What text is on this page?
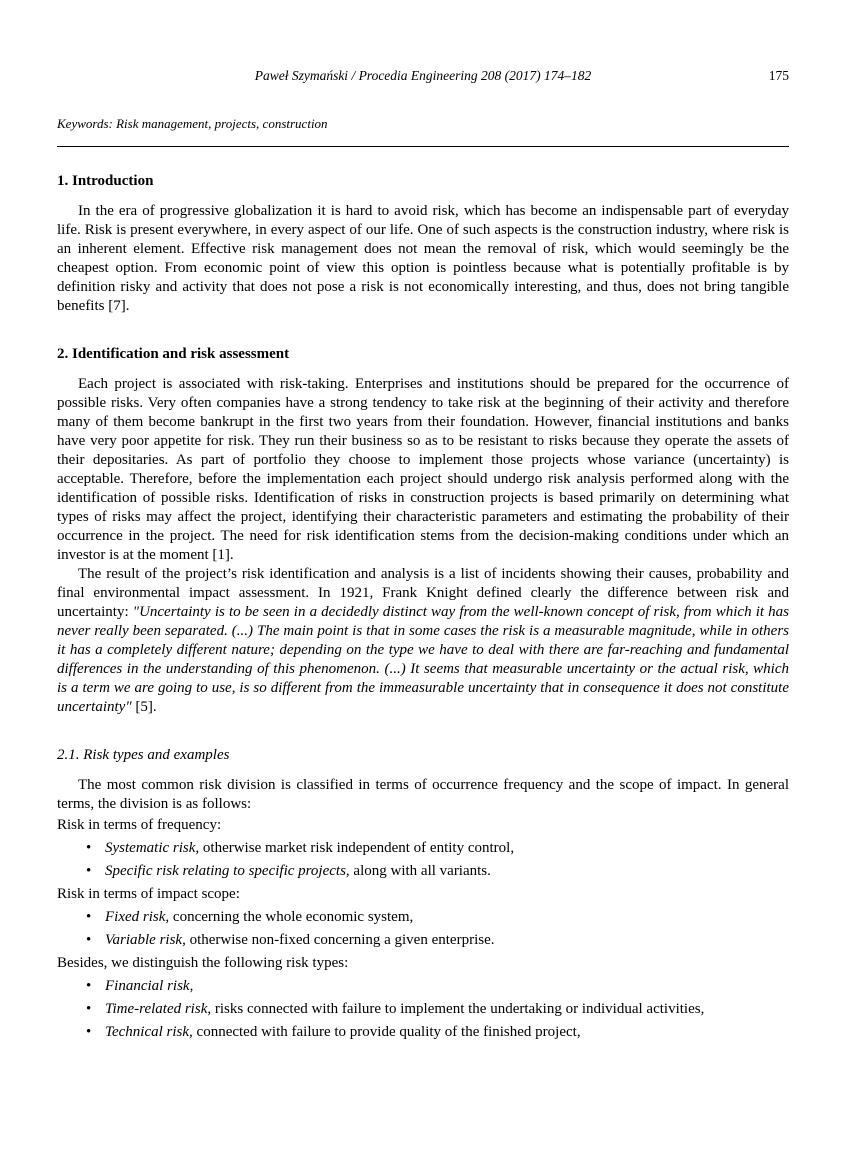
Paweł Szymański / Procedia Engineering 208 (2017) 174–182	175
Keywords: Risk management, projects, construction
1. Introduction

In the era of progressive globalization it is hard to avoid risk, which has become an indispensable part of everyday life. Risk is present everywhere, in every aspect of our life. One of such aspects is the construction industry, where risk is an inherent element. Effective risk management does not mean the removal of risk, which would seemingly be the cheapest option. From economic point of view this option is pointless because what is potentially profitable is by definition risky and activity that does not pose a risk is not economically interesting, and thus, does not bring tangible benefits [7].

2. Identification and risk assessment

Each project is associated with risk-taking. Enterprises and institutions should be prepared for the occurrence of possible risks. Very often companies have a strong tendency to take risk at the beginning of their activity and therefore many of them become bankrupt in the first two years from their foundation. However, financial institutions and banks have very poor appetite for risk. They run their business so as to be resistant to risks because they operate the assets of their depositaries. As part of portfolio they choose to implement those projects whose variance (uncertainty) is acceptable. Therefore, before the implementation each project should undergo risk analysis performed along with the identification of possible risks. Identification of risks in construction projects is based primarily on determining what types of risks may affect the project, identifying their characteristic parameters and estimating the probability of their occurrence in the project. The need for risk identification stems from the decision-making conditions under which an investor is at the moment [1].

The result of the project’s risk identification and analysis is a list of incidents showing their causes, probability and final environmental impact assessment. In 1921, Frank Knight defined clearly the difference between risk and uncertainty: "Uncertainty is to be seen in a decidedly distinct way from the well-known concept of risk, from which it has never really been separated. (...) The main point is that in some cases the risk is a measurable magnitude, while in others it has a completely different nature; depending on the type we have to deal with there are far-reaching and fundamental differences in the understanding of this phenomenon. (...) It seems that measurable uncertainty or the actual risk, which is a term we are going to use, is so different from the immeasurable uncertainty that in consequence it does not constitute uncertainty" [5].

2.1. Risk types and examples

The most common risk division is classified in terms of occurrence frequency and the scope of impact. In general terms, the division is as follows:

Risk in terms of frequency:

• Systematic risk, otherwise market risk independent of entity control,
• Specific risk relating to specific projects, along with all variants.

Risk in terms of impact scope:

• Fixed risk, concerning the whole economic system,
• Variable risk, otherwise non-fixed concerning a given enterprise.

Besides, we distinguish the following risk types:

• Financial risk,
• Time-related risk, risks connected with failure to implement the undertaking or individual activities,
• Technical risk, connected with failure to provide quality of the finished project,
